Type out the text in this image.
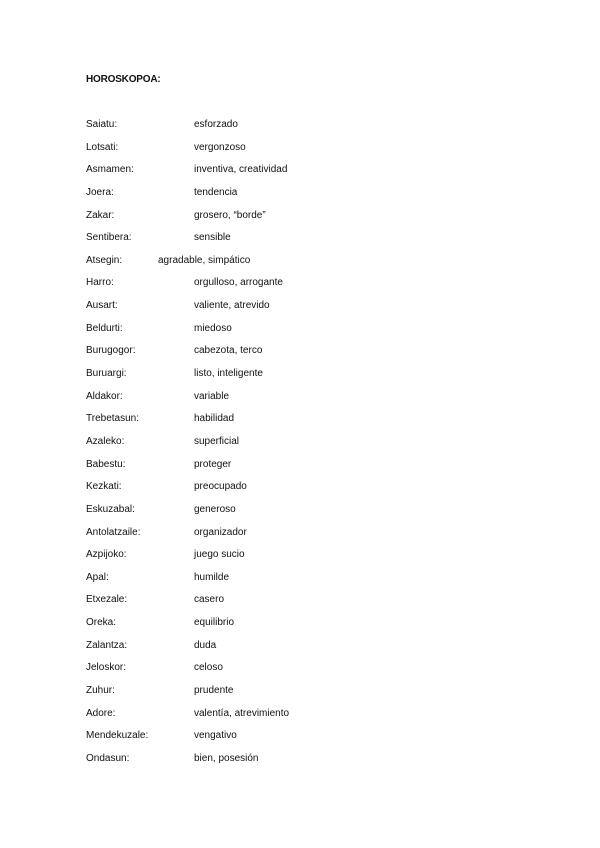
HOROSKOPOA:
Saiatu:	esforzado
Lotsati:	vergonzoso
Asmamen:	inventiva, creatividad
Joera:	tendencia
Zakar:	grosero, “borde”
Sentibera:	sensible
Atsegin:	agradable, simpático
Harro:	orgulloso, arrogante
Ausart:	valiente, atrevido
Beldurti:	miedoso
Burugogor:	cabezota, terco
Buruargi:	listo, inteligente
Aldakor:	variable
Trebetasun:	habilidad
Azaleko:	superficial
Babestu:	proteger
Kezkati:	preocupado
Eskuzabal:	generoso
Antolatzaile:	organizador
Azpijoko:	juego sucio
Apal:	humilde
Etxezale:	casero
Oreka:	equilibrio
Zalantza:	duda
Jeloskor:	celoso
Zuhur:	prudente
Adore:	valentía, atrevimiento
Mendekuzale:	vengativo
Ondasun:	bien, posesión
